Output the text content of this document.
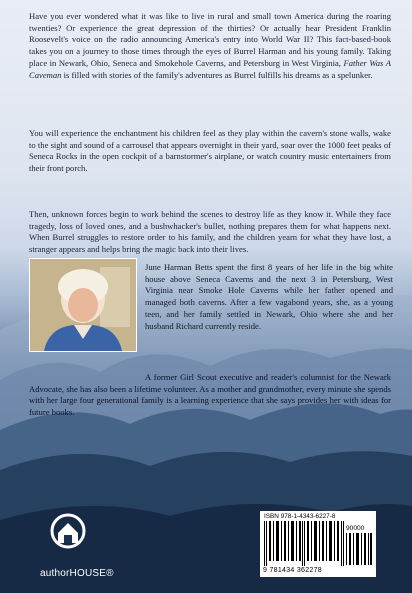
Have you ever wondered what it was like to live in rural and small town America during the roaring twenties? Or experience the great depression of the thirties? Or actually hear President Franklin Roosevelt's voice on the radio announcing America's entry into World War II? This fact-based-book takes you on a journey to those times through the eyes of Burrel Harman and his young family. Taking place in Newark, Ohio, Seneca and Smokehole Caverns, and Petersburg in West Virginia, Father Was A Caveman is filled with stories of the family's adventures as Burrel fulfills his dreams as a spelunker.

You will experience the enchantment his children feel as they play within the cavern's stone walls, wake to the sight and sound of a carrousel that appears overnight in their yard, soar over the 1000 feet peaks of Seneca Rocks in the open cockpit of a barnstormer's airplane, or watch country music entertainers from their front porch.

Then, unknown forces begin to work behind the scenes to destroy life as they know it. While they face tragedy, loss of loved ones, and a bushwhacker's bullet, nothing prepares them for what happens next. When Burrel struggles to restore order to his family, and the children yearn for what they have lost, a stranger appears and helps bring the magic back into their lives.

June Harman Betts spent the first 8 years of her life in the big white house above Seneca Caverns and the next 3 in Petersburg, West Virginia near Smoke Hole Caverns while her father opened and managed both caverns. After a few vagabond years, she, as a young teen, and her family settled in Newark, Ohio where she and her husband Richard currently reside.

A former Girl Scout executive and reader's columnist for the Newark Advocate, she has also been a lifetime volunteer. As a mother and grandmother, every minute she spends with her large four generational family is a learning experience that she says provides her with ideas for future books.
authorHOUSE®
ISBN 978-1-4343-6227-8
90000
9 781434 362278
